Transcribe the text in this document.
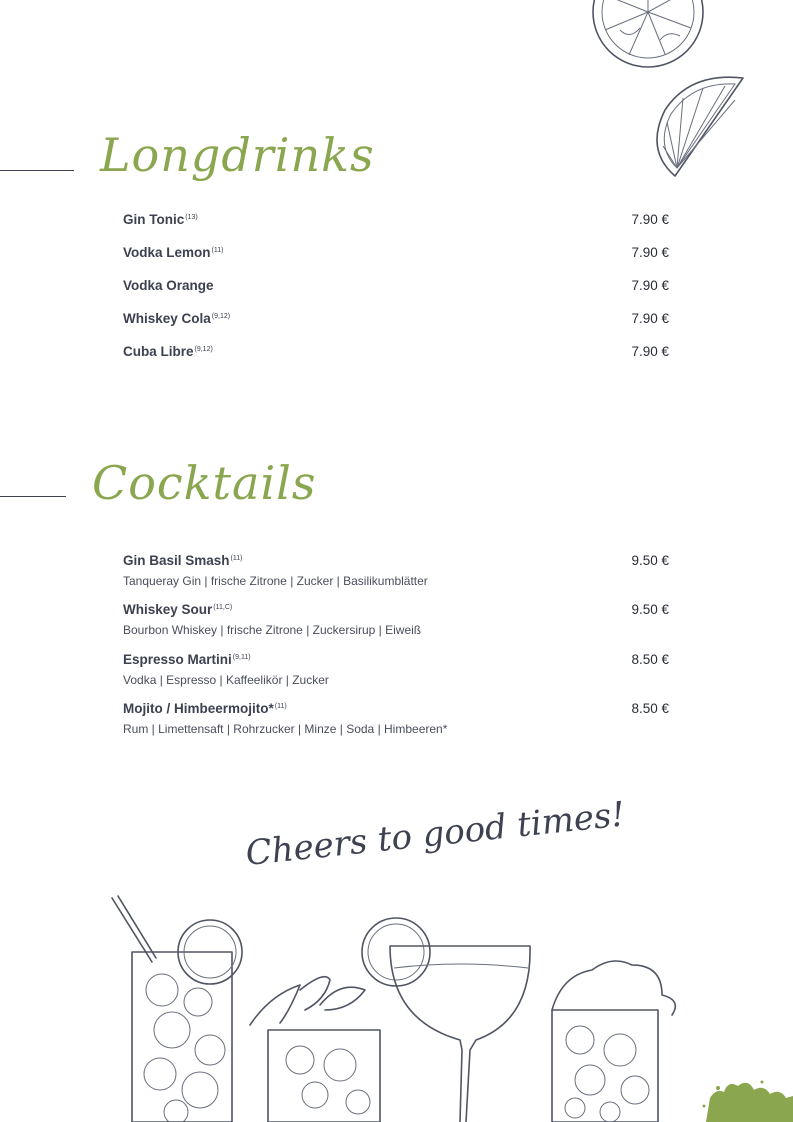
Longdrinks
Gin Tonic$^{(13)}$	7.90 €
Vodka Lemon$^{(11)}$	7.90 €
Vodka Orange	7.90 €
Whiskey Cola$^{(9,12)}$	7.90 €
Cuba Libre$^{(9,12)}$	7.90 €
Cocktails
Gin Basil Smash$^{(11)}$	9.50 €
Tanqueray Gin | frische Zitrone | Zucker | Basilikumblätter
Whiskey Sour$^{(11,C)}$	9.50 €
Bourbon Whiskey | frische Zitrone | Zuckersirup | Eiweiß
Espresso Martini$^{(9,11)}$	8.50 €
Vodka | Espresso | Kaffeelikör | Zucker
Mojito / Himbeermojito*$^{(11)}$	8.50 €
Rum | Limettensaft | Rohrzucker | Minze | Soda | Himbeeren*
Cheers to good times!
